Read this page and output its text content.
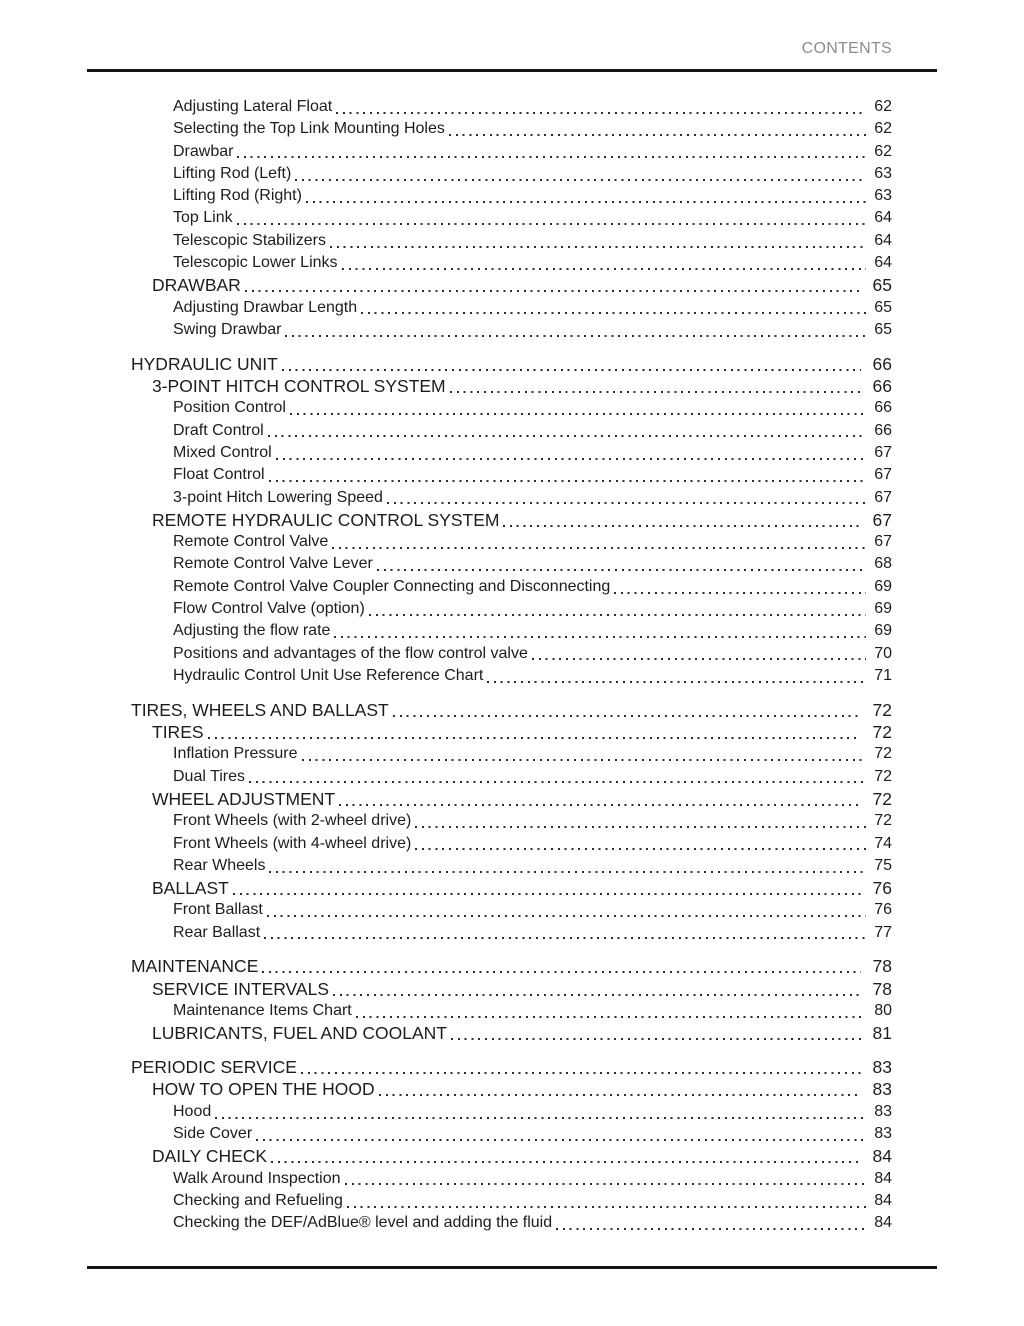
CONTENTS
Adjusting Lateral Float	62
Selecting the Top Link Mounting Holes	62
Drawbar	62
Lifting Rod (Left)	63
Lifting Rod (Right)	63
Top Link	64
Telescopic Stabilizers	64
Telescopic Lower Links	64
DRAWBAR	65
Adjusting Drawbar Length	65
Swing Drawbar	65
HYDRAULIC UNIT	66
3-POINT HITCH CONTROL SYSTEM	66
Position Control	66
Draft Control	66
Mixed Control	67
Float Control	67
3-point Hitch Lowering Speed	67
REMOTE HYDRAULIC CONTROL SYSTEM	67
Remote Control Valve	67
Remote Control Valve Lever	68
Remote Control Valve Coupler Connecting and Disconnecting	69
Flow Control Valve (option)	69
Adjusting the flow rate	69
Positions and advantages of the flow control valve	70
Hydraulic Control Unit Use Reference Chart	71
TIRES, WHEELS AND BALLAST	72
TIRES	72
Inflation Pressure	72
Dual Tires	72
WHEEL ADJUSTMENT	72
Front Wheels (with 2-wheel drive)	72
Front Wheels (with 4-wheel drive)	74
Rear Wheels	75
BALLAST	76
Front Ballast	76
Rear Ballast	77
MAINTENANCE	78
SERVICE INTERVALS	78
Maintenance Items Chart	80
LUBRICANTS, FUEL AND COOLANT	81
PERIODIC SERVICE	83
HOW TO OPEN THE HOOD	83
Hood	83
Side Cover	83
DAILY CHECK	84
Walk Around Inspection	84
Checking and Refueling	84
Checking the DEF/AdBlue® level and adding the fluid	84
